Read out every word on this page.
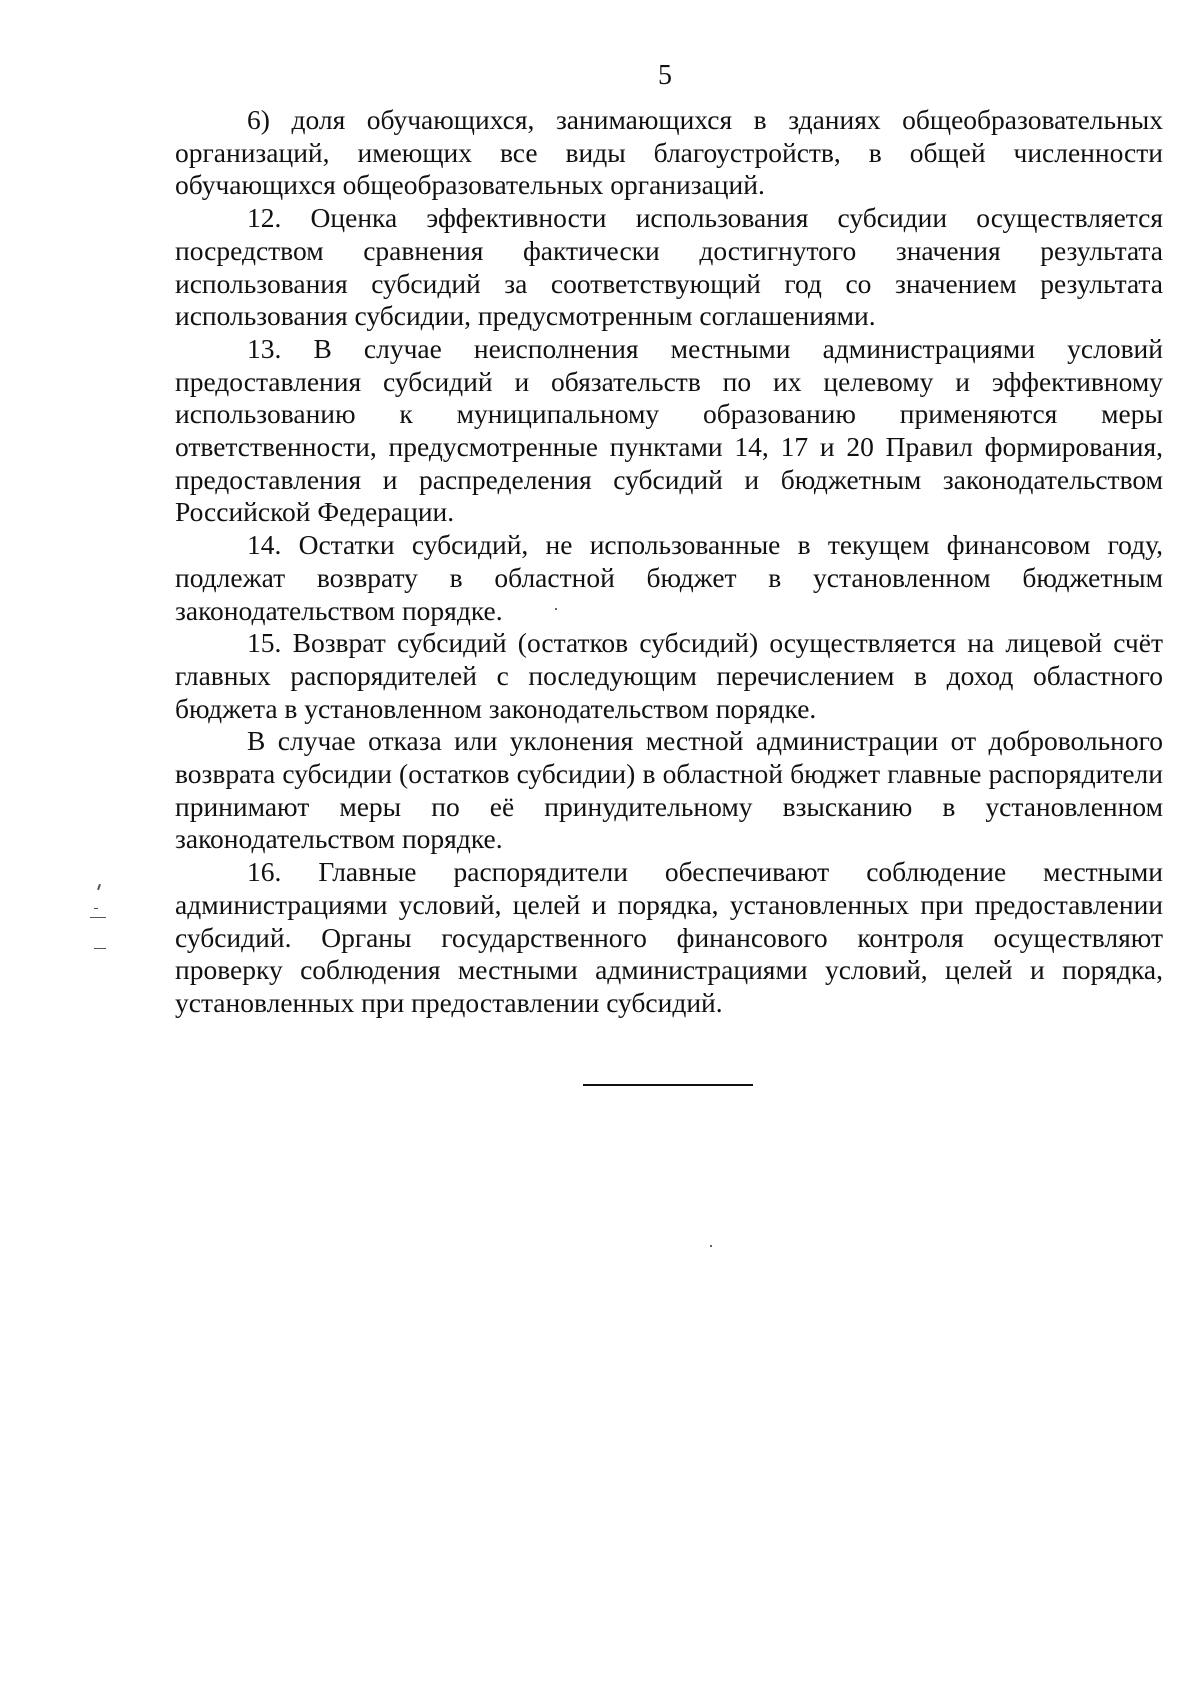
5

6) доля обучающихся, занимающихся в зданиях общеобразовательных организаций, имеющих все виды благоустройств, в общей численности обучающихся общеобразовательных организаций.

12. Оценка эффективности использования субсидии осуществляется посредством сравнения фактически достигнутого значения результата использования субсидий за соответствующий год со значением результата использования субсидии, предусмотренным соглашениями.

13. В случае неисполнения местными администрациями условий предоставления субсидий и обязательств по их целевому и эффективному использованию к муниципальному образованию применяются меры ответственности, предусмотренные пунктами 14, 17 и 20 Правил формирования, предоставления и распределения субсидий и бюджетным законодательством Российской Федерации.

14. Остатки субсидий, не использованные в текущем финансовом году, подлежат возврату в областной бюджет в установленном бюджетным законодательством порядке.

15. Возврат субсидий (остатков субсидий) осуществляется на лицевой счёт главных распорядителей с последующим перечислением в доход областного бюджета в установленном законодательством порядке.

В случае отказа или уклонения местной администрации от добровольного возврата субсидии (остатков субсидии) в областной бюджет главные распорядители принимают меры по её принудительному взысканию в установленном законодательством порядке.

16. Главные распорядители обеспечивают соблюдение местными администрациями условий, целей и порядка, установленных при предоставлении субсидий. Органы государственного финансового контроля осуществляют проверку соблюдения местными администрациями условий, целей и порядка, установленных при предоставлении субсидий.
